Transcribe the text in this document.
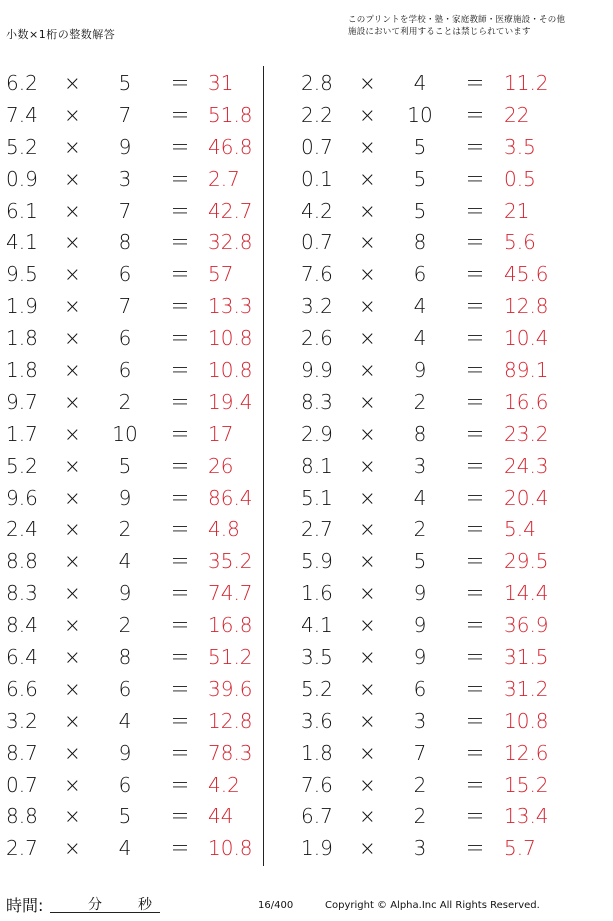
小数×1桁の整数解答
このプリントを学校・塾・家庭教師・医療施設・その他
施設において利用することは禁じられています
6.2 ×	5	＝ 31
7.4 ×	7	＝ 51.8
5.2 ×	9	＝ 46.8
0.9 ×	3	＝ 2.7
6.1 ×	7	＝ 42.7
4.1 ×	8	＝ 32.8
9.5 ×	6	＝ 57
1.9 ×	7	＝ 13.3
1.8 ×	6	＝ 10.8
1.8 ×	6	＝ 10.8
9.7 ×	2	＝ 19.4
1.7 × 10 ＝ 17
5.2 ×	5	＝ 26
9.6 ×	9	＝ 86.4
2.4 ×	2	＝ 4.8
8.8 ×	4	＝ 35.2
8.3 ×	9	＝ 74.7
8.4 ×	2	＝ 16.8
6.4 ×	8	＝ 51.2
6.6 ×	6	＝ 39.6
3.2 ×	4	＝ 12.8
8.7 ×	9	＝ 78.3
0.7 ×	6	＝ 4.2
8.8 ×	5	＝ 44
2.7 ×	4	＝ 10.8
2.8 ×	4	＝ 11.2
2.2 × 10 ＝ 22
0.7 ×	5	＝ 3.5
0.1 ×	5	＝ 0.5
4.2 ×	5	＝ 21
0.7 ×	8	＝ 5.6
7.6 ×	6	＝ 45.6
3.2 ×	4	＝ 12.8
2.6 ×	4	＝ 10.4
9.9 ×	9	＝ 89.1
8.3 ×	2	＝ 16.6
2.9 ×	8	＝ 23.2
8.1 ×	3	＝ 24.3
5.1 ×	4	＝ 20.4
2.7 ×	2	＝ 5.4
5.9 ×	5	＝ 29.5
1.6 ×	9	＝ 14.4
4.1 ×	9	＝ 36.9
3.5 ×	9	＝ 31.5
5.2 ×	6	＝ 31.2
3.6 ×	3	＝ 10.8
1.8 ×	7	＝ 12.6
7.6 ×	2	＝ 15.2
6.7 ×	2	＝ 13.4
1.9 ×	3	＝ 5.7
時間:	分	秒	16/400	Copyright © Alpha.Inc All Rights Reserved.
